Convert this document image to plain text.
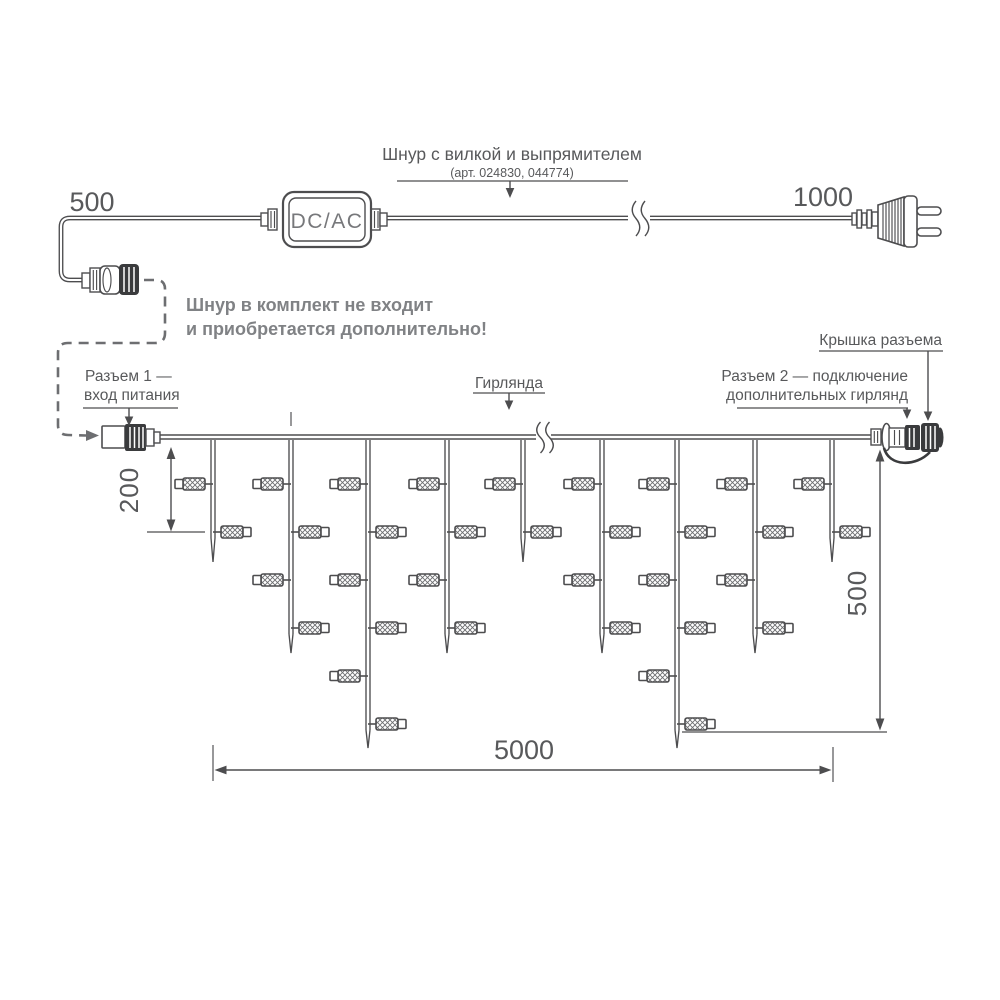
DC/AC
500	1000
Шнур с вилкой и выпрямителем
(арт. 024830, 044774)
Шнур в комплект не входит
и приобретается дополнительно!
Разъем 1 —
вход питания
Гирлянда	Разъем 2 — подключение
дополнительных гирлянд
Крышка разъема
200
500
5000
